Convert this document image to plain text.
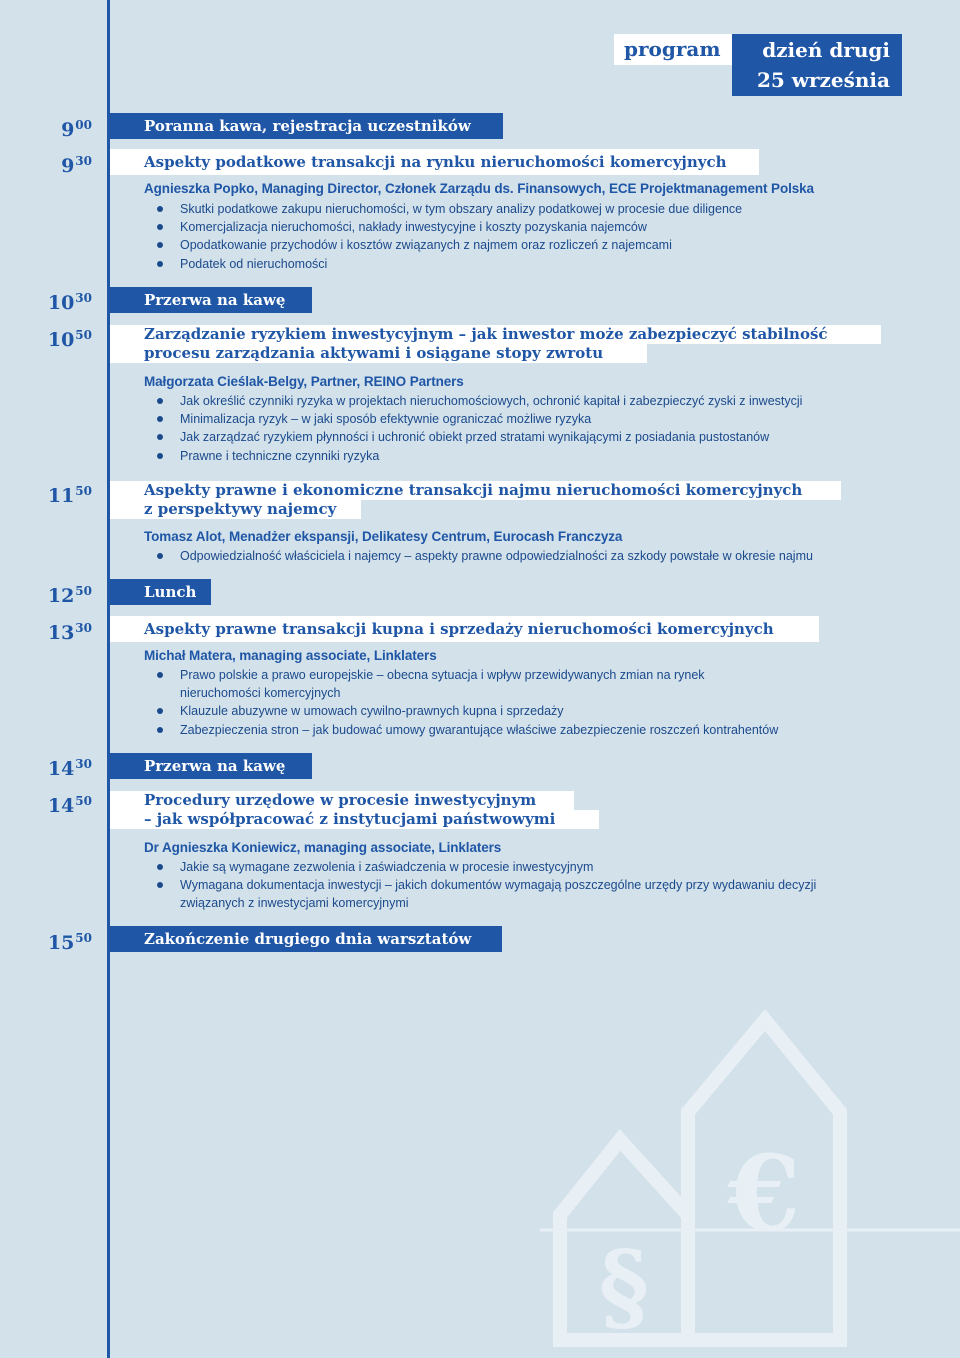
program	dzień drugi
25 września
$9^{00}$	Poranna kawa, rejestracja uczestników
$9^{30}$	Aspekty podatkowe transakcji na rynku nieruchomości komercyjnych
Agnieszka Popko, Managing Director, Członek Zarządu ds. Finansowych, ECE Projektmanagement Polska
Skutki podatkowe zakupu nieruchomości, w tym obszary analizy podatkowej w procesie due diligence
Komercjalizacja nieruchomości, nakłady inwestycyjne i koszty pozyskania najemców
Opodatkowanie przychodów i kosztów związanych z najmem oraz rozliczeń z najemcami
Podatek od nieruchomości
$10^{30}$	Przerwa na kawę
$10^{50}$	Zarządzanie ryzykiem inwestycyjnym – jak inwestor może zabezpieczyć stabilność
procesu zarządzania aktywami i osiągane stopy zwrotu
Małgorzata Cieślak-Belgy, Partner, REINO Partners
Jak określić czynniki ryzyka w projektach nieruchomościowych, ochronić kapitał i zabezpieczyć zyski z inwestycji
Minimalizacja ryzyk – w jaki sposób efektywnie ograniczać możliwe ryzyka
Jak zarządzać ryzykiem płynności i uchronić obiekt przed stratami wynikającymi z posiadania pustostanów
Prawne i techniczne czynniki ryzyka
$11^{50}$	Aspekty prawne i ekonomiczne transakcji najmu nieruchomości komercyjnych
z perspektywy najemcy
Tomasz Alot, Menadżer ekspansji, Delikatesy Centrum, Eurocash Franczyza
Odpowiedzialność właściciela i najemcy – aspekty prawne odpowiedzialności za szkody powstałe w okresie najmu
$12^{50}$	Lunch
$13^{30}$	Aspekty prawne transakcji kupna i sprzedaży nieruchomości komercyjnych
Michał Matera, managing associate, Linklaters
Prawo polskie a prawo europejskie – obecna sytuacja i wpływ przewidywanych zmian na rynek nieruchomości komercyjnych
Klauzule abuzywne w umowach cywilno-prawnych kupna i sprzedaży
Zabezpieczenia stron – jak budować umowy gwarantujące właściwe zabezpieczenie roszczeń kontrahentów
$14^{30}$	Przerwa na kawę
$14^{50}$	Procedury urzędowe w procesie inwestycyjnym
– jak współpracować z instytucjami państwowymi
Dr Agnieszka Koniewicz, managing associate, Linklaters
Jakie są wymagane zezwolenia i zaświadczenia w procesie inwestycyjnym
Wymagana dokumentacja inwestycji – jakich dokumentów wymagają poszczególne urzędy przy wydawaniu decyzji związanych z inwestycjami komercyjnymi
$15^{50}$	Zakończenie drugiego dnia warsztatów
§
€
